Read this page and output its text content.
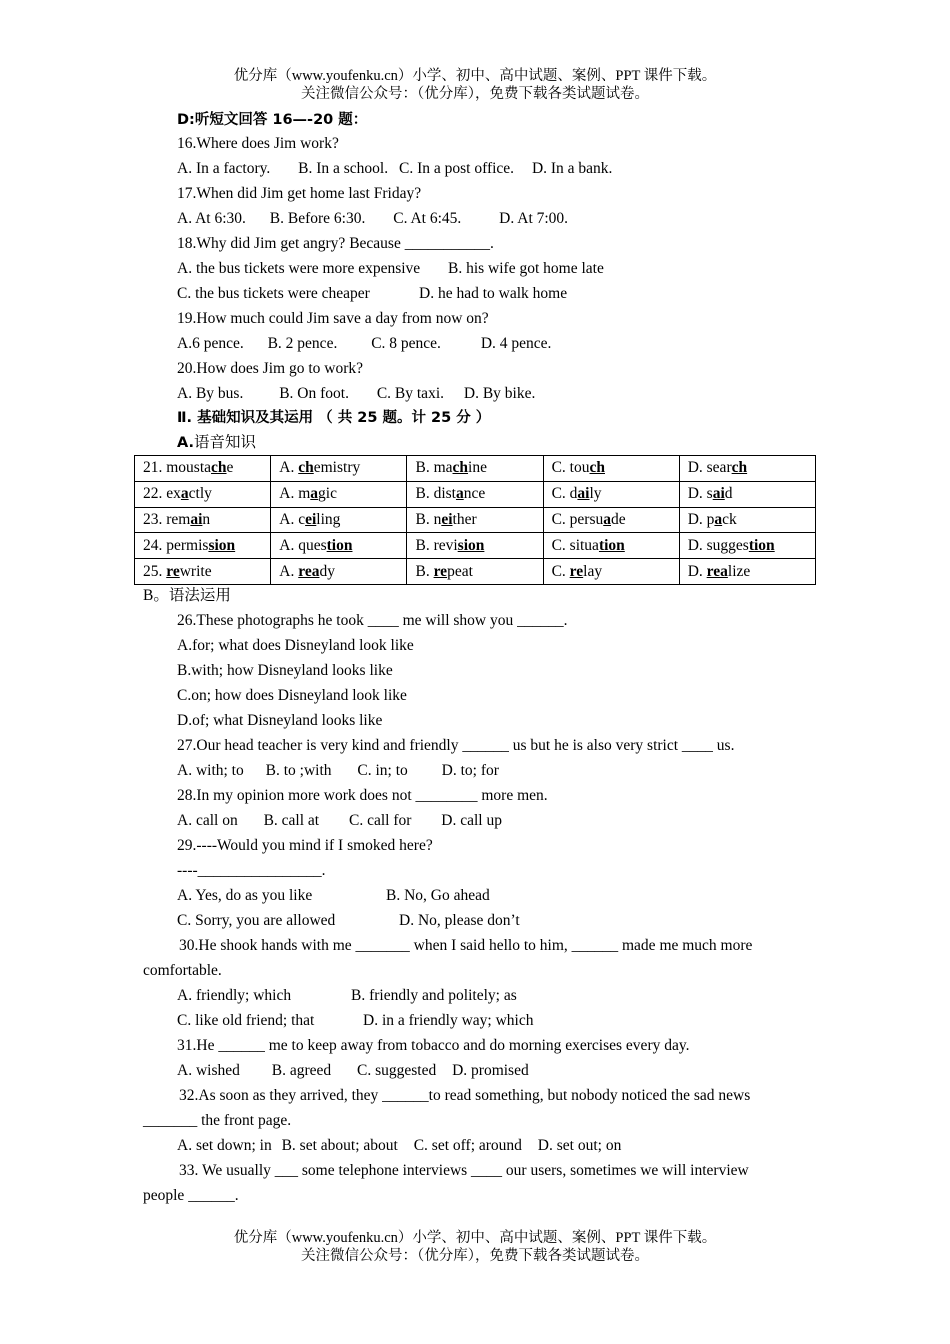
优分库（www.youfenku.cn）小学、初中、高中试题、案例、PPT 课件下载。
关注微信公众号：（优分库），免费下载各类试题试卷。
D:听短文回答 16—-20 题：
16.Where does Jim work?
A. In a factory. B. In a school. C. In a post office. D. In a bank.
17.When did Jim get home last Friday?
A. At 6:30. B. Before 6:30. C. At 6:45. D. At 7:00.
18.Why did Jim get angry? Because ___________.
A. the bus tickets were more expensive B. his wife got home late
C. the bus tickets were cheaper	D. he had to walk home
19.How much could Jim save a day from now on?
A.6 pence. B. 2 pence. C. 8 pence.	D. 4 pence.
20.How does Jim go to work?
A. By bus. B. On foot. C. By taxi. D. By bike.
Ⅱ. 基础知识及其运用 （ 共 25 题。计 25 分 ）
A.语音知识
21. moustache	A. chemistry	B. machine	C. touch	D. search
22. exactly	A. magic	B. distance	C. daily	D. said
23. remain	A. ceiling	B. neither	C. persuade	D. pack
24. permission	A. question	B. revision	C. situation	D. suggestion
25. rewrite	A. ready	B. repeat	C. relay	D. realize
B。语法运用
26.These photographs he took ____ me will show you ______.
A.for; what does Disneyland look like
B.with; how Disneyland looks like
C.on; how does Disneyland look like
D.of; what Disneyland looks like
27.Our head teacher is very kind and friendly ______ us but he is also very strict ____ us.
A. with; to B. to ;with C. in; to D. to; for
28.In my opinion more work does not ________ more men.
A. call on B. call at C. call for D. call up
29.----Would you mind if I smoked here?
----________________.
A. Yes, do as you like	B. No, Go ahead
C. Sorry, you are allowed	D. No, please don’t
30.He shook hands with me _______ when I said hello to him, ______ made me much more
comfortable.
A. friendly; which	B. friendly and politely; as
C. like old friend; that	D. in a friendly way; which
31.He ______ me to keep away from tobacco and do morning exercises every day.
A. wished B. agreed C. suggested D. promised
32.As soon as they arrived, they ______to read something, but nobody noticed the sad news
_______ the front page.
A. set down; in B. set about; about C. set off; around D. set out; on
33. We usually ___ some telephone interviews ____ our users, sometimes we will interview
people ______.
优分库（www.youfenku.cn）小学、初中、高中试题、案例、PPT 课件下载。
关注微信公众号：（优分库），免费下载各类试题试卷。
